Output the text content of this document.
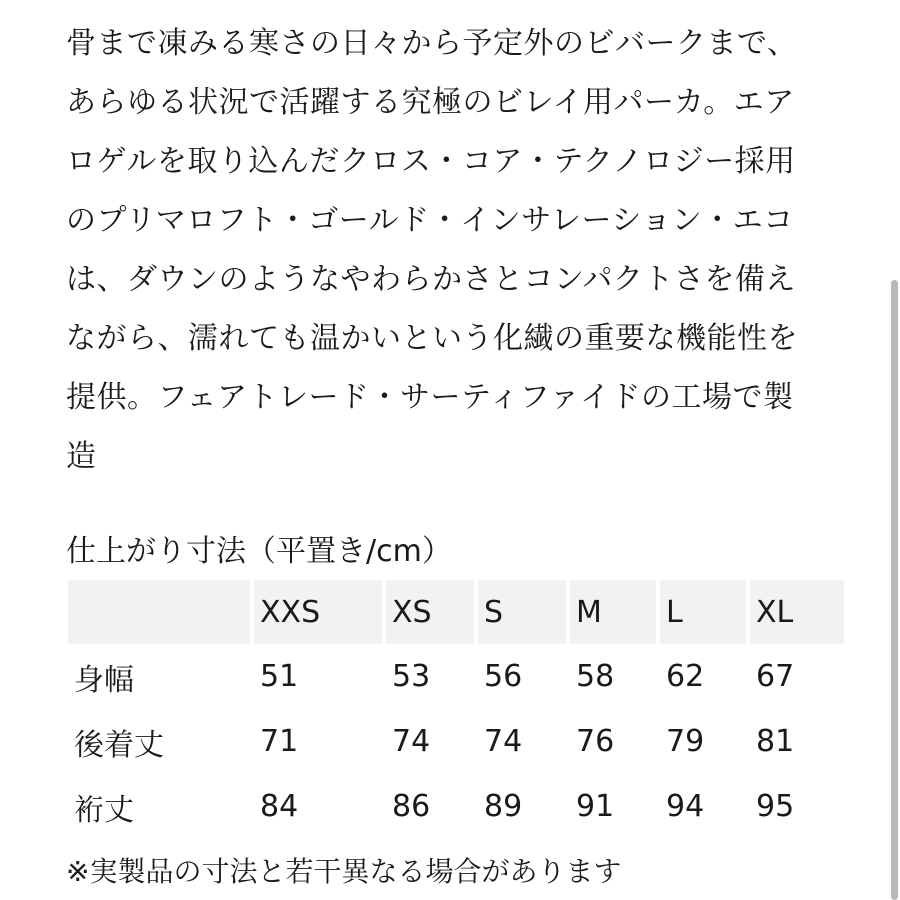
骨まで凍みる寒さの日々から予定外のビバークまで、
あらゆる状況で活躍する究極のビレイ用パーカ。エア
ロゲルを取り込んだクロス・コア・テクノロジー採用
のプリマロフト・ゴールド・インサレーション・エコ
は、ダウンのようなやわらかさとコンパクトさを備え
ながら、濡れても温かいという化繊の重要な機能性を
提供。フェアトレード・サーティファイドの工場で製
造
仕上がり寸法（平置き/cm）
	XXS	XS	S	M	L	XL
身幅	51	53	56	58	62	67
後着丈	71	74	74	76	79	81
裄丈	84	86	89	91	94	95
※実製品の寸法と若干異なる場合があります
